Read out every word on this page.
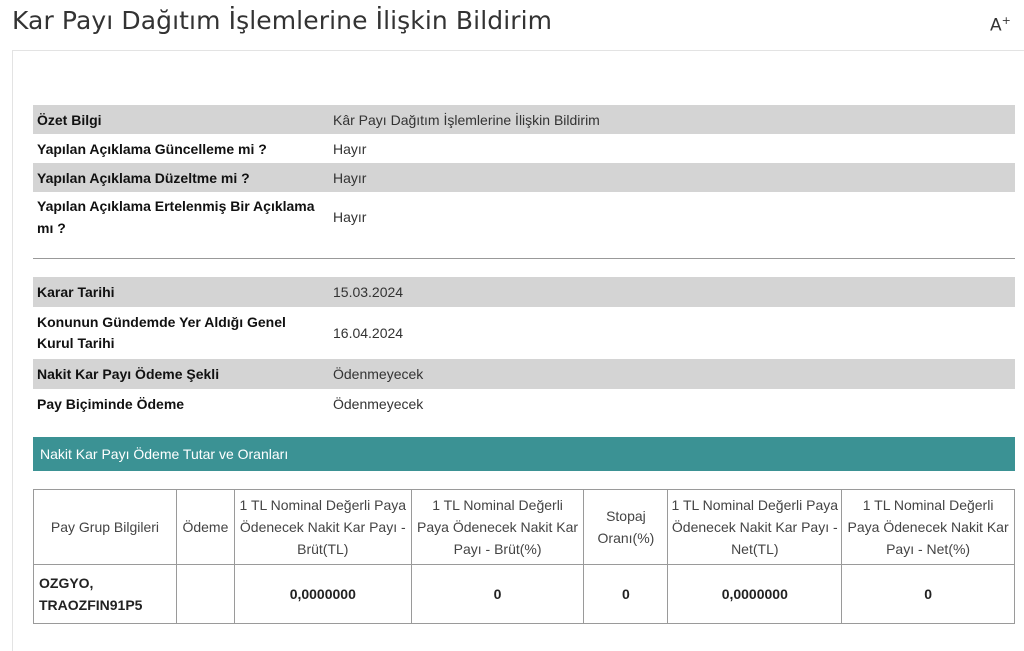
Kar Payı Dağıtım İşlemlerine İlişkin Bildirim	A+
Özet Bilgi	Kâr Payı Dağıtım İşlemlerine İlişkin Bildirim
Yapılan Açıklama Güncelleme mi ?	Hayır
Yapılan Açıklama Düzeltme mi ?	Hayır
Yapılan Açıklama Ertelenmiş Bir Açıklama mı ?	Hayır
Karar Tarihi	15.03.2024
Konunun Gündemde Yer Aldığı Genel Kurul Tarihi	16.04.2024
Nakit Kar Payı Ödeme Şekli	Ödenmeyecek
Pay Biçiminde Ödeme	Ödenmeyecek
Nakit Kar Payı Ödeme Tutar ve Oranları
Pay Grup Bilgileri	Ödeme	1 TL Nominal Değerli Paya Ödenecek Nakit Kar Payı - Brüt(TL)	1 TL Nominal Değerli Paya Ödenecek Nakit Kar Payı - Brüt(%)	Stopaj Oranı(%)	1 TL Nominal Değerli Paya Ödenecek Nakit Kar Payı - Net(TL)	1 TL Nominal Değerli Paya Ödenecek Nakit Kar Payı - Net(%)
OZGYO, TRAOZFIN91P5		0,0000000	0	0	0,0000000	0
